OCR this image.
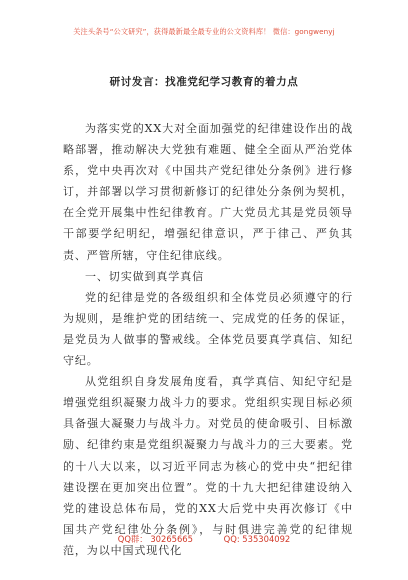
关注头条号“公文研究”，获得最新最全最专业的公文资料库！ 微信：gongwenyj
研讨发言：找准党纪学习教育的着力点

为落实党的XX大对全面加强党的纪律建设作出的战略部署，推动解决大党独有难题、健全全面从严治党体系，党中央再次对《中国共产党纪律处分条例》进行修订，并部署以学习贯彻新修订的纪律处分条例为契机，在全党开展集中性纪律教育。广大党员尤其是党员领导干部要学纪明纪，增强纪律意识，严于律己、严负其责、严管所辖，守住纪律底线。

一、切实做到真学真信

党的纪律是党的各级组织和全体党员必须遵守的行为规则，是维护党的团结统一、完成党的任务的保证，是党员为人做事的警戒线。全体党员要真学真信、知纪守纪。

从党组织自身发展角度看，真学真信、知纪守纪是增强党组织凝聚力战斗力的要求。党组织实现目标必须具备强大凝聚力与战斗力。对党员的使命吸引、目标激励、纪律约束是党组织凝聚力与战斗力的三大要素。党的十八大以来，以习近平同志为核心的党中央“把纪律建设摆在更加突出位置”。党的十九大把纪律建设纳入党的建设总体布局，党的XX大后党中央再次修订《中国共产党纪律处分条例》，与时俱进完善党的纪律规范，为以中国式现代化

QQ群： 30265665	QQ: 535304092
